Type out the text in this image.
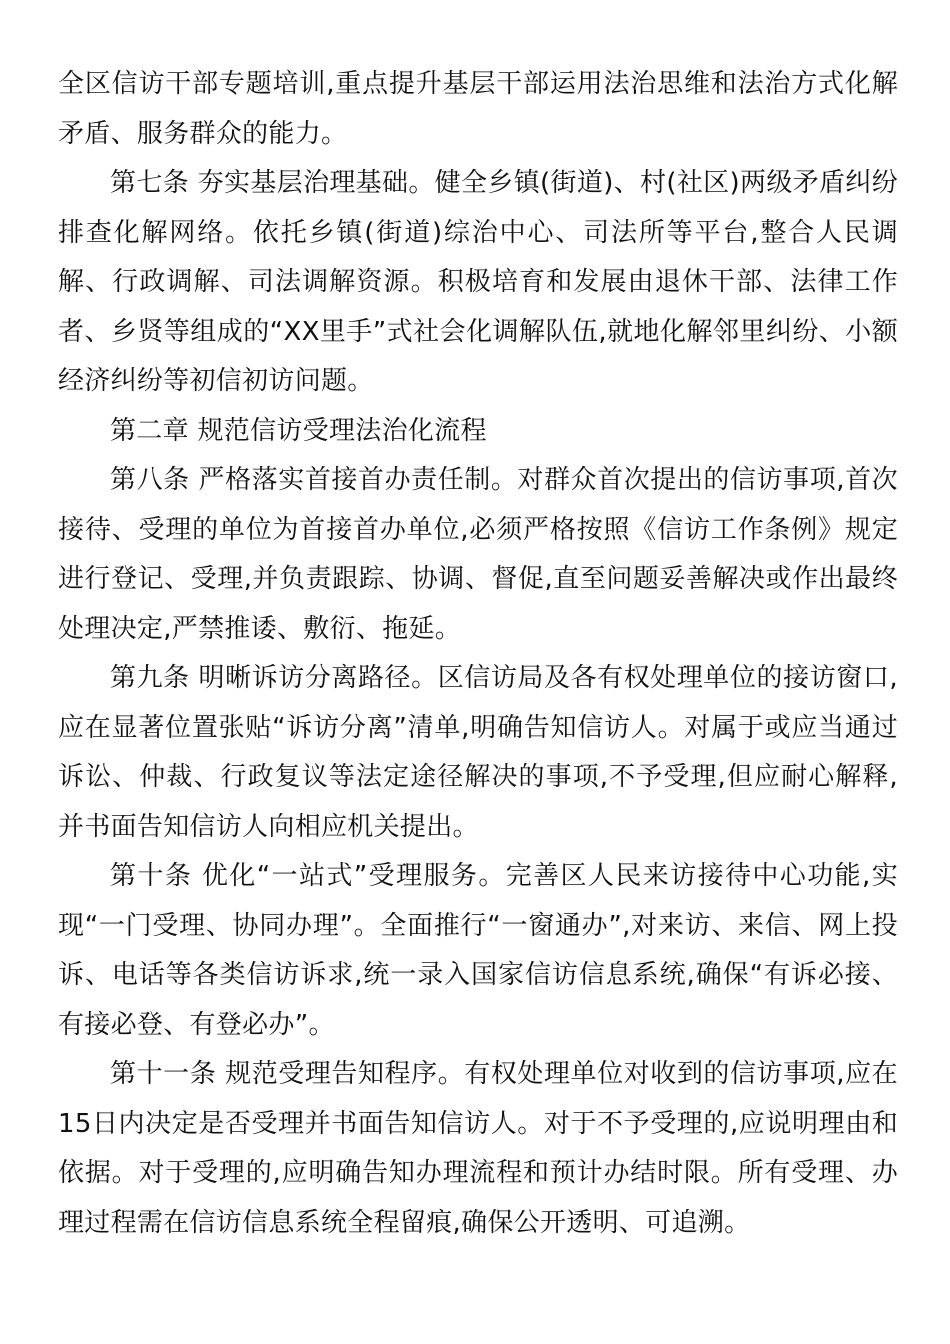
全区信访干部专题培训,重点提升基层干部运用法治思维和法治方式化解矛盾、服务群众的能力。

第七条 夯实基层治理基础。健全乡镇(街道)、村(社区)两级矛盾纠纷排查化解网络。依托乡镇(街道)综治中心、司法所等平台,整合人民调解、行政调解、司法调解资源。积极培育和发展由退休干部、法律工作者、乡贤等组成的“XX里手”式社会化调解队伍,就地化解邻里纠纷、小额经济纠纷等初信初访问题。

第二章 规范信访受理法治化流程

第八条 严格落实首接首办责任制。对群众首次提出的信访事项,首次接待、受理的单位为首接首办单位,必须严格按照《信访工作条例》规定进行登记、受理,并负责跟踪、协调、督促,直至问题妥善解决或作出最终处理决定,严禁推诿、敷衍、拖延。

第九条 明晰诉访分离路径。区信访局及各有权处理单位的接访窗口,应在显著位置张贴“诉访分离”清单,明确告知信访人。对属于或应当通过诉讼、仲裁、行政复议等法定途径解决的事项,不予受理,但应耐心解释,并书面告知信访人向相应机关提出。

第十条 优化“一站式”受理服务。完善区人民来访接待中心功能,实现“一门受理、协同办理”。全面推行“一窗通办”,对来访、来信、网上投诉、电话等各类信访诉求,统一录入国家信访信息系统,确保“有诉必接、有接必登、有登必办”。

第十一条 规范受理告知程序。有权处理单位对收到的信访事项,应在15日内决定是否受理并书面告知信访人。对于不予受理的,应说明理由和依据。对于受理的,应明确告知办理流程和预计办结时限。所有受理、办理过程需在信访信息系统全程留痕,确保公开透明、可追溯。
